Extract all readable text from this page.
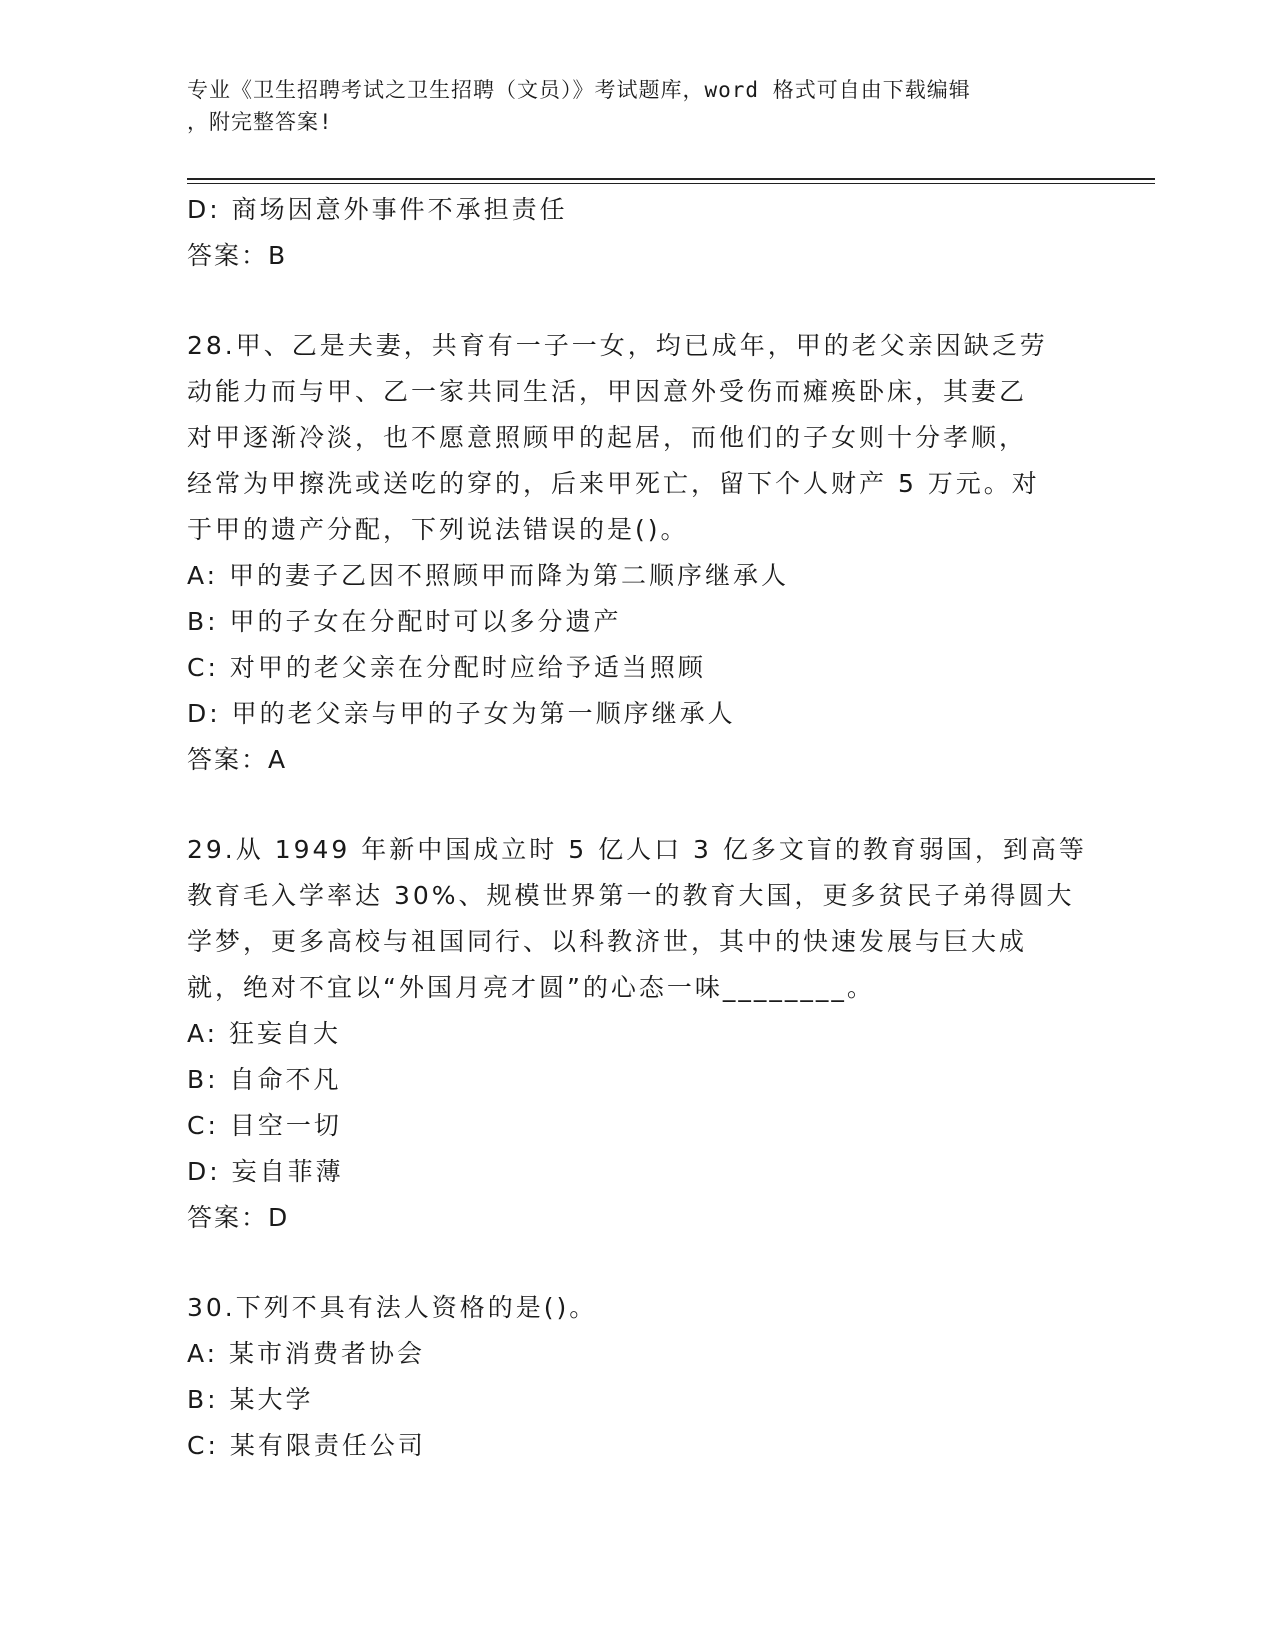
专业《卫生招聘考试之卫生招聘（文员）》考试题库，word 格式可自由下载编辑
，附完整答案!
D: 商场因意外事件不承担责任
答案：B
28.甲、乙是夫妻，共育有一子一女，均已成年，甲的老父亲因缺乏劳
动能力而与甲、乙一家共同生活，甲因意外受伤而瘫痪卧床，其妻乙
对甲逐渐冷淡，也不愿意照顾甲的起居，而他们的子女则十分孝顺，
经常为甲擦洗或送吃的穿的，后来甲死亡，留下个人财产 5 万元。对
于甲的遗产分配，下列说法错误的是()。
A: 甲的妻子乙因不照顾甲而降为第二顺序继承人
B: 甲的子女在分配时可以多分遗产
C: 对甲的老父亲在分配时应给予适当照顾
D: 甲的老父亲与甲的子女为第一顺序继承人
答案：A
29.从 1949 年新中国成立时 5 亿人口 3 亿多文盲的教育弱国，到高等
教育毛入学率达 30%、规模世界第一的教育大国，更多贫民子弟得圆大
学梦，更多高校与祖国同行、以科教济世，其中的快速发展与巨大成
就，绝对不宜以“外国月亮才圆”的心态一味________。
A: 狂妄自大
B: 自命不凡
C: 目空一切
D: 妄自菲薄
答案：D
30.下列不具有法人资格的是()。
A: 某市消费者协会
B: 某大学
C: 某有限责任公司
